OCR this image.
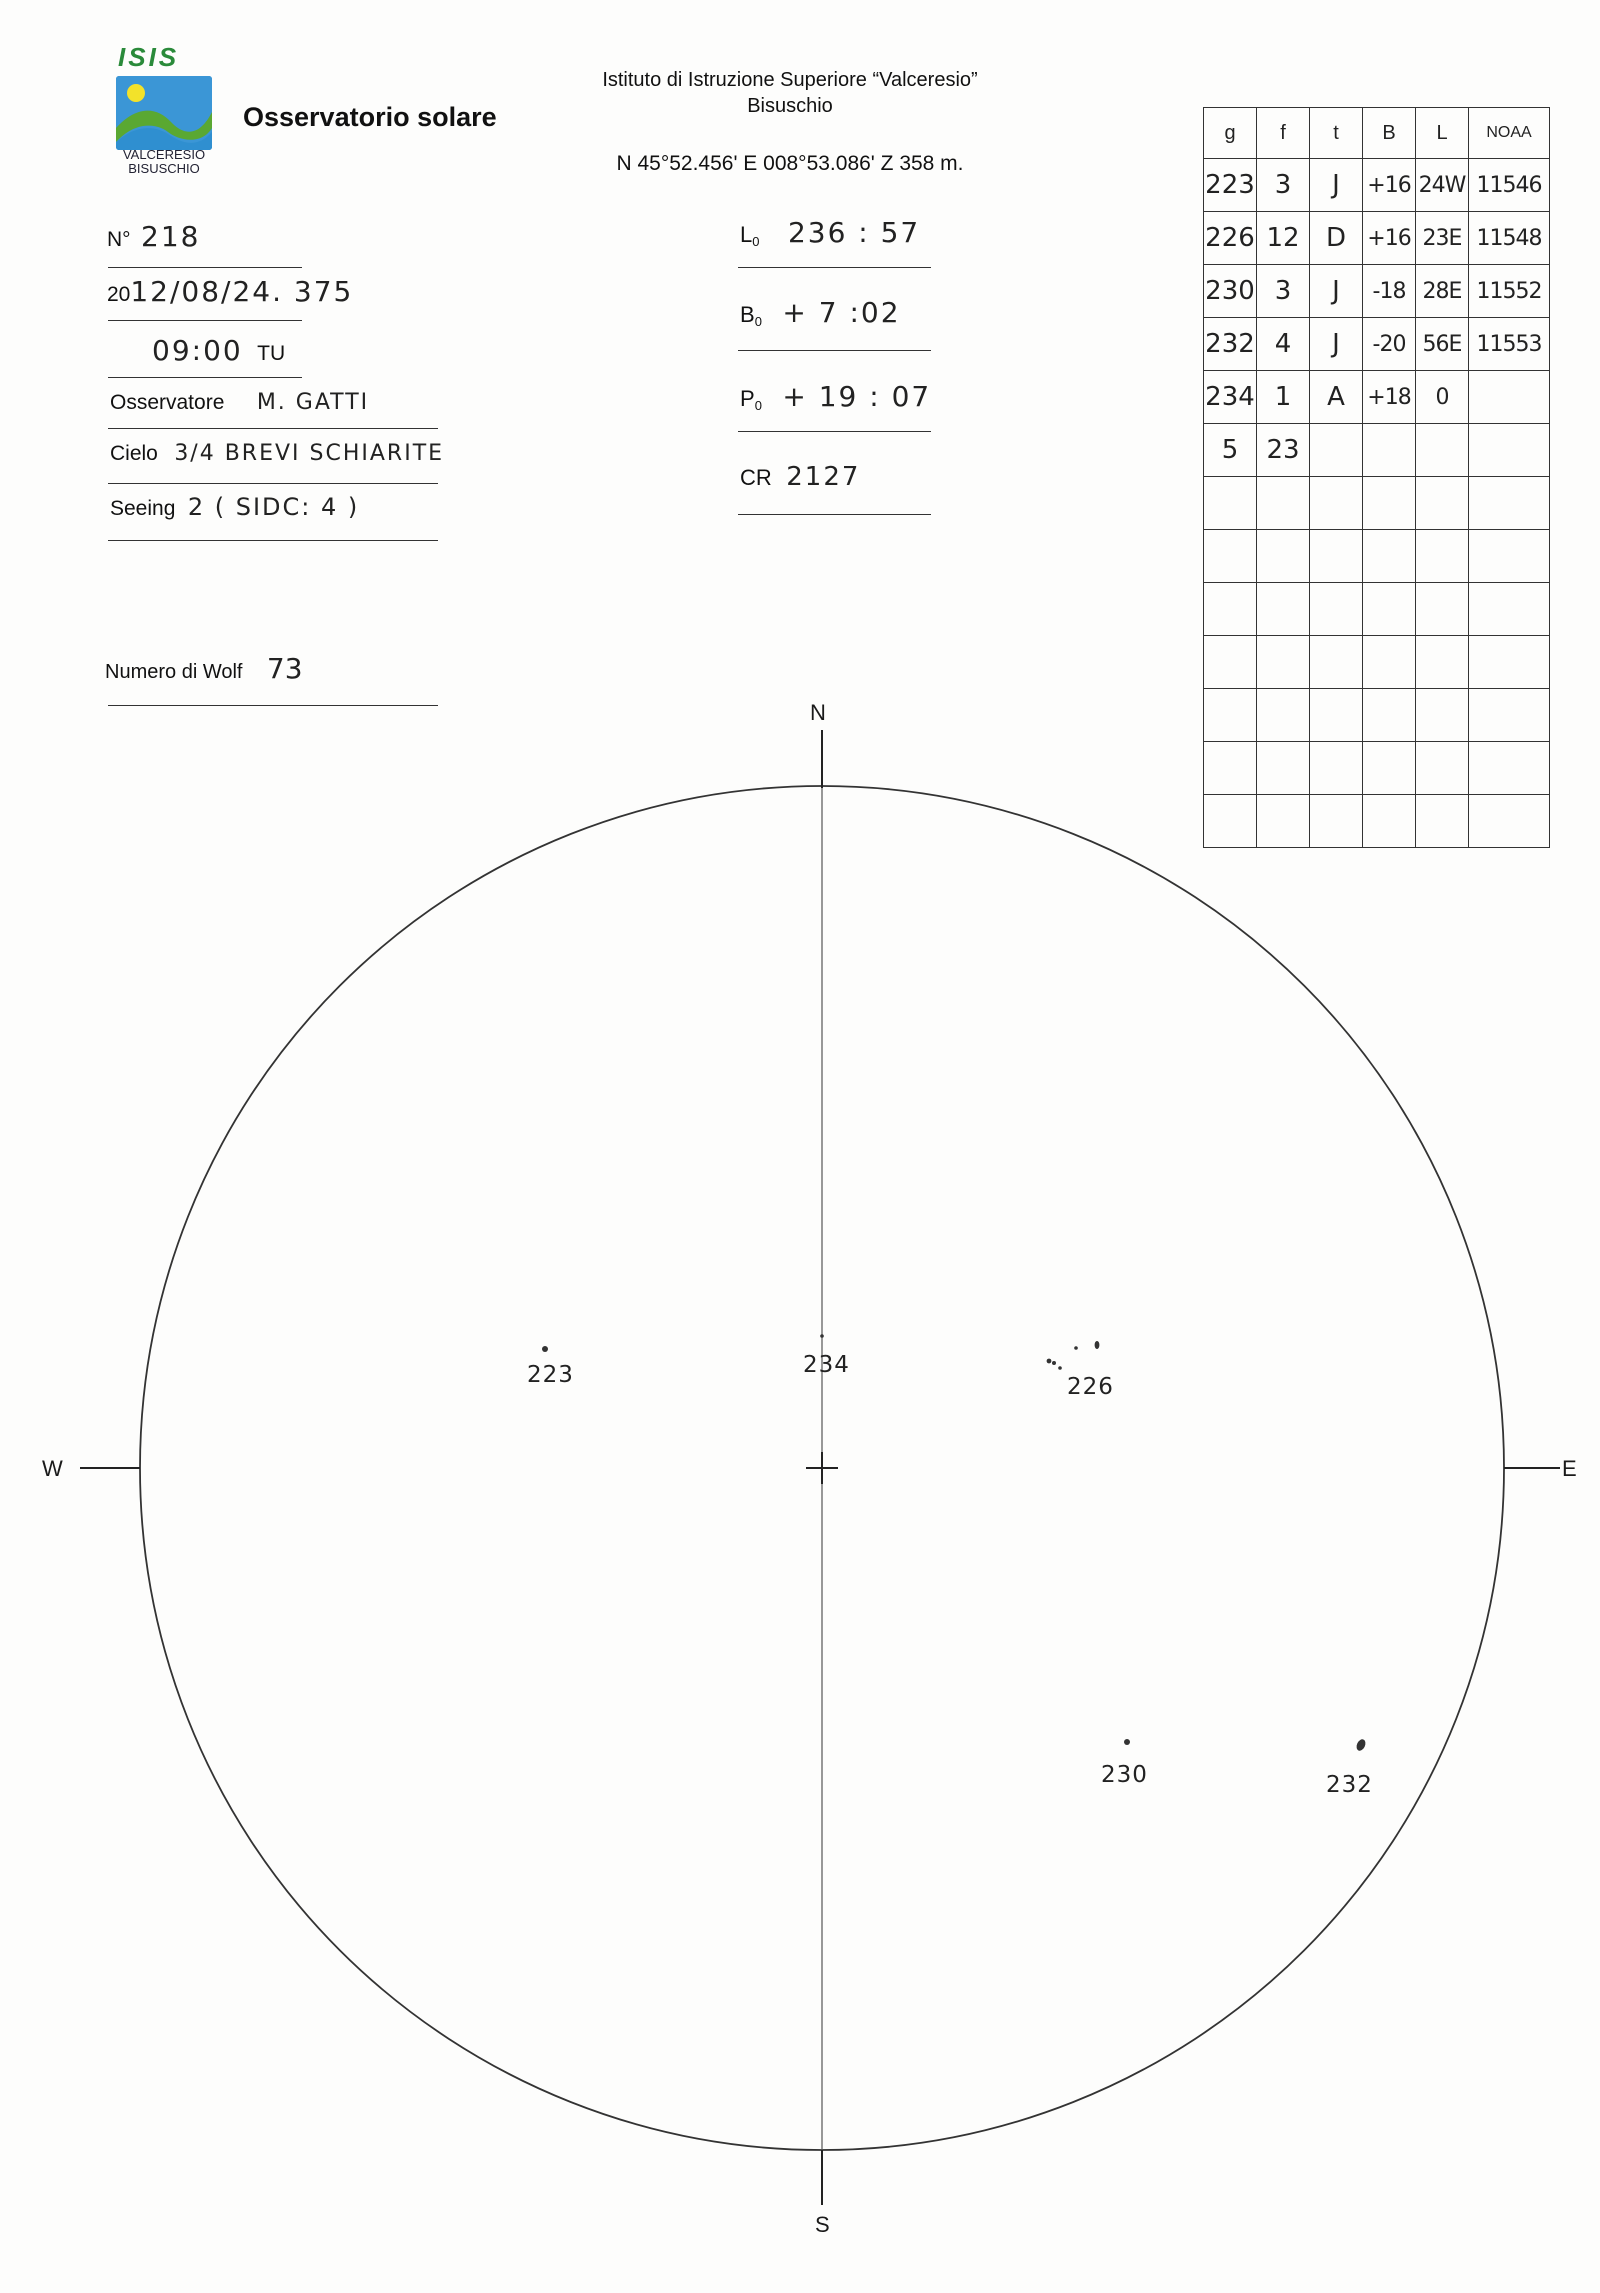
ISIS
VALCERESIO
BISUSCHIO
Osservatorio solare
Istituto di Istruzione Superiore “Valceresio”
Bisuschio
N 45°52.456' E 008°53.086' Z 358 m.
N° 218
2012/08/24. 375
09:00 TU
Osservatore M. GATTI
Cielo 3/4 BREVI SCHIARITE
Seeing 2 ( SIDC: 4 )
Numero di Wolf 73
$L_0$ 236 : 57
$B_0 + 7$ :02
$P_0 + 19$ : 07
CR 2127
g	f	t	B	L	NOAA
223	3	J	+16	24W	11546
226	12	D	+16	23E	11548
230	3	J	-18	28E	11552
232	4	J	-20	56E	11553
234	1	A	+18	0	
5	23				

N
S
E
W
223	234
226
230	232
